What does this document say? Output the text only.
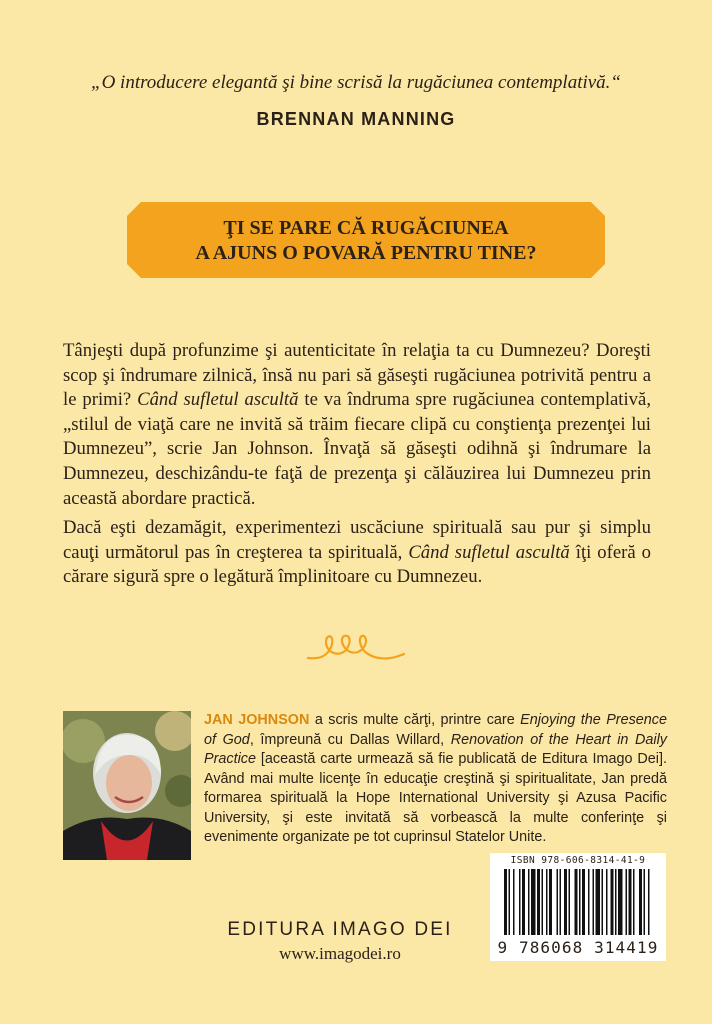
„O introducere elegantă şi bine scrisă la rugăciunea contemplativă.“

BRENNAN MANNING

ŢI SE PARE CĂ RUGĂCIUNEA
A AJUNS O POVARĂ PENTRU TINE?

Tânjeşti după profunzime şi autenticitate în relaţia ta cu Dumnezeu? Doreşti scop şi îndrumare zilnică, însă nu pari să găseşti rugăciunea potrivită pentru a le primi? Când sufletul ascultă te va îndruma spre rugăciunea contemplativă, „stilul de viaţă care ne invită să trăim fiecare clipă cu conştienţa prezenţei lui Dumnezeu”, scrie Jan Johnson. Învaţă să găseşti odihnă şi îndrumare la Dumnezeu, deschizându-te faţă de prezenţa şi călăuzirea lui Dumnezeu prin această abordare practică.

Dacă eşti dezamăgit, experimentezi uscăciune spirituală sau pur şi simplu cauţi următorul pas în creşterea ta spirituală, Când sufletul ascultă îţi oferă o cărare sigură spre o legătură împlinitoare cu Dumnezeu.

JAN JOHNSON a scris multe cărţi, printre care Enjoying the Presence of God, împreună cu Dallas Willard, Renovation of the Heart in Daily Practice [această carte urmează să fie publicată de Editura Imago Dei]. Având mai multe licenţe în educaţie creştină şi spiritualitate, Jan predă formarea spirituală la Hope International University şi Azusa Pacific University, şi este invitată să vorbească la multe conferinţe şi evenimente organizate pe tot cuprinsul Statelor Unite.

EDITURA IMAGO DEI
www.imagodei.ro
ISBN 978-606-8314-41-9
9 786068 314419
